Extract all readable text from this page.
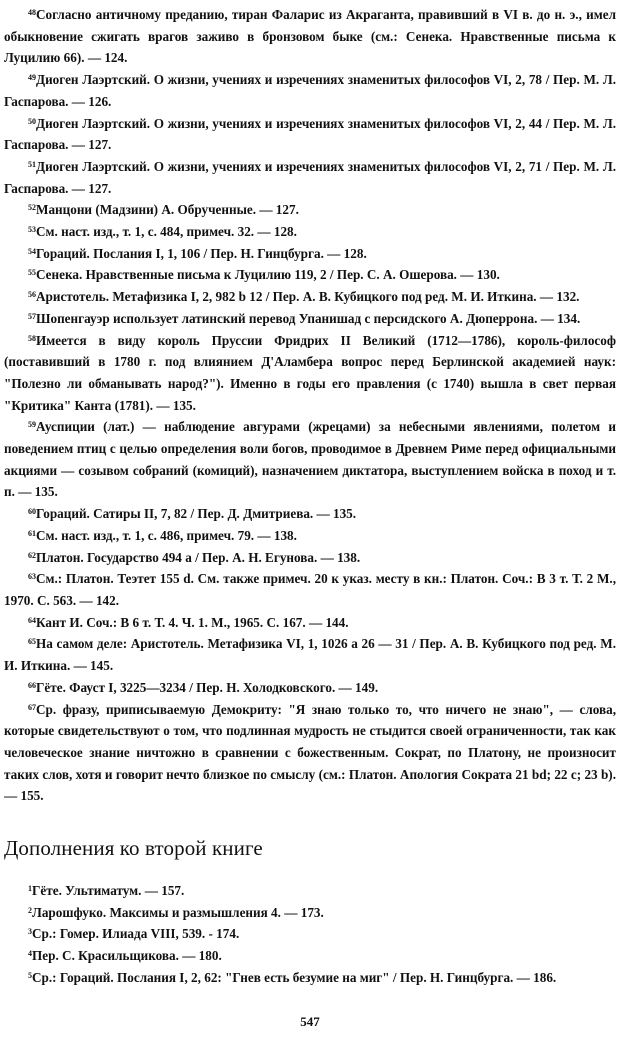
$^{48}$Согласно античному преданию, тиран Фаларис из Акраганта, правивший в VI в. до н. э., имел обыкновение сжигать врагов заживо в бронзовом быке (см.: Сенека. Нравственные письма к Луцилию 66). — 124.

$^{49}$Диоген Лаэртский. О жизни, учениях и изречениях знаменитых философов VI, 2, 78 / Пер. М. Л. Гаспарова. — 126.

$^{50}$Диоген Лаэртский. О жизни, учениях и изречениях знаменитых философов VI, 2, 44 / Пер. М. Л. Гаспарова. — 127.

$^{51}$Диоген Лаэртский. О жизни, учениях и изречениях знаменитых философов VI, 2, 71 / Пер. М. Л. Гаспарова. — 127.

$^{52}$Манцони (Мадзини) А. Обрученные. — 127.

$^{53}$См. наст. изд., т. 1, с. 484, примеч. 32. — 128.

$^{54}$Гораций. Послания I, 1, 106 / Пер. Н. Гинцбурга. — 128.

$^{55}$Сенека. Нравственные письма к Луцилию 119, 2 / Пер. С. А. Ошерова. — 130.

$^{56}$Аристотель. Метафизика I, 2, 982 b 12 / Пер. А. В. Кубицкого под ред. М. И. Иткина. — 132.

$^{57}$Шопенгауэр использует латинский перевод Упанишад с персидского А. Дюперрона. — 134.

$^{58}$Имеется в виду король Пруссии Фридрих II Великий (1712—1786), король-философ (поставивший в 1780 г. под влиянием Д'Аламбера вопрос перед Берлинской академией наук: "Полезно ли обманывать народ?"). Именно в годы его правления (с 1740) вышла в свет первая "Критика" Канта (1781). — 135.

$^{59}$Ауспиции (лат.) — наблюдение авгурами (жрецами) за небесными явлениями, полетом и поведением птиц с целью определения воли богов, проводимое в Древнем Риме перед официальными акциями — созывом собраний (комиций), назначением диктатора, выступлением войска в поход и т. п. — 135.

$^{60}$Гораций. Сатиры II, 7, 82 / Пер. Д. Дмитриева. — 135.

$^{61}$См. наст. изд., т. 1, с. 486, примеч. 79. — 138.

$^{62}$Платон. Государство 494 a / Пер. А. Н. Егунова. — 138.

$^{63}$См.: Платон. Теэтет 155 d. См. также примеч. 20 к указ. месту в кн.: Платон. Соч.: В 3 т. Т. 2 М., 1970. С. 563. — 142.

$^{64}$Кант И. Соч.: В 6 т. Т. 4. Ч. 1. М., 1965. С. 167. — 144.

$^{65}$На самом деле: Аристотель. Метафизика VI, 1, 1026 a 26 — 31 / Пер. А. В. Кубицкого под ред. М. И. Иткина. — 145.

$^{66}$Гёте. Фауст I, 3225—3234 / Пер. Н. Холодковского. — 149.

$^{67}$Ср. фразу, приписываемую Демокриту: "Я знаю только то, что ничего не знаю", — слова, которые свидетельствуют о том, что подлинная мудрость не стыдится своей ограниченности, так как человеческое знание ничтожно в сравнении с божественным. Сократ, по Платону, не произносит таких слов, хотя и говорит нечто близкое по смыслу (см.: Платон. Апология Сократа 21 bd; 22 c; 23 b). — 155.

Дополнения ко второй книге

$^1$Гёте. Ультиматум. — 157.

$^2$Ларошфуко. Максимы и размышления 4. — 173.

$^3$Ср.: Гомер. Илиада VIII, 539. - 174.

$^4$Пер. С. Красильщикова. — 180.

$^5$Ср.: Гораций. Послания I, 2, 62: "Гнев есть безумие на миг" / Пер. Н. Гинцбурга. — 186.

547
